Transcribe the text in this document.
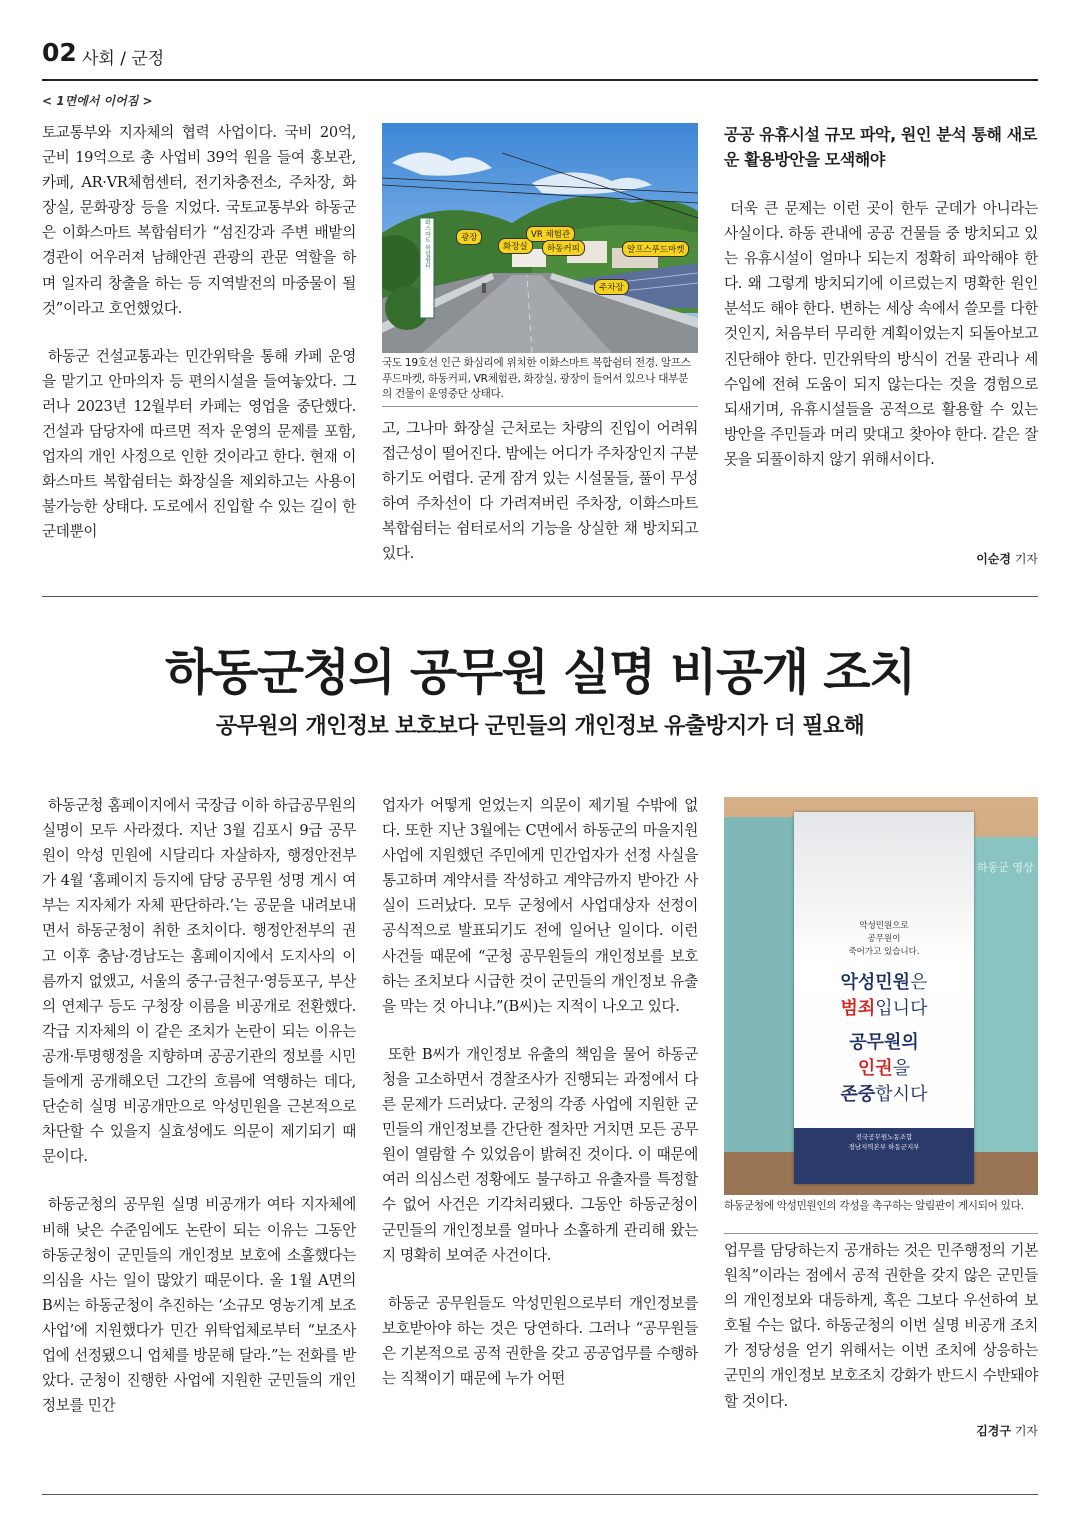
02 사회 / 군정
< 1면에서 이어짐 >

토교통부와 지자체의 협력 사업이다. 국비 20억, 군비 19억으로 총 사업비 39억 원을 들여 홍보관, 카페, AR·VR체험센터, 전기차충전소, 주차장, 화장실, 문화광장 등을 지었다. 국토교통부와 하동군은 이화스마트 복합쉼터가 “섬진강과 주변 배밭의 경관이 어우러져 남해안권 관광의 관문 역할을 하며 일자리 창출을 하는 등 지역발전의 마중물이 될 것”이라고 호언했었다.

하동군 건설교통과는 민간위탁을 통해 카페 운영을 맡기고 안마의자 등 편의시설을 들여놓았다. 그러나 2023년 12월부터 카페는 영업을 중단했다. 건설과 담당자에 따르면 적자 운영의 문제를 포함, 업자의 개인 사정으로 인한 것이라고 한다. 현재 이화스마트 복합쉼터는 화장실을 제외하고는 사용이 불가능한 상태다. 도로에서 진입할 수 있는 길이 한 군데뿐이

이화스마트 복합쉼터	광장
화장실
VR 체험관
하동커피	알프스푸드마켓
주차장
국도 19호선 인근 화심리에 위치한 이화스마트 복합쉼터 전경. 알프스 푸드마켓, 하동커피, VR체험관, 화장실, 광장이 들어서 있으나 대부분의 건물이 운영중단 상태다.

고, 그나마 화장실 근처로는 차량의 진입이 어려워 접근성이 떨어진다. 밤에는 어디가 주차장인지 구분하기도 어렵다. 굳게 잠겨 있는 시설물들, 풀이 무성하여 주차선이 다 가려져버린 주차장, 이화스마트 복합쉼터는 쉼터로서의 기능을 상실한 채 방치되고 있다.

공공 유휴시설 규모 파악, 원인 분석 통해 새로운 활용방안을 모색해야

더욱 큰 문제는 이런 곳이 한두 군데가 아니라는 사실이다. 하동 관내에 공공 건물들 중 방치되고 있는 유휴시설이 얼마나 되는지 정확히 파악해야 한다. 왜 그렇게 방치되기에 이르렀는지 명확한 원인 분석도 해야 한다. 변하는 세상 속에서 쓸모를 다한 것인지, 처음부터 무리한 계획이었는지 되돌아보고 진단해야 한다. 민간위탁의 방식이 건물 관리나 세수입에 전혀 도움이 되지 않는다는 것을 경험으로 되새기며, 유휴시설들을 공적으로 활용할 수 있는 방안을 주민들과 머리 맞대고 찾아야 한다. 같은 잘못을 되풀이하지 않기 위해서이다.

이순경 기자
하동군청의 공무원 실명 비공개 조치
공무원의 개인정보 보호보다 군민들의 개인정보 유출방지가 더 필요해

하동군청 홈페이지에서 국장급 이하 하급공무원의 실명이 모두 사라졌다. 지난 3월 김포시 9급 공무원이 악성 민원에 시달리다 자살하자, 행정안전부가 4월 ‘홈페이지 등지에 담당 공무원 성명 게시 여부는 지자체가 자체 판단하라.’는 공문을 내려보내면서 하동군청이 취한 조치이다. 행정안전부의 권고 이후 충남·경남도는 홈페이지에서 도지사의 이름까지 없앴고, 서울의 중구·금천구·영등포구, 부산의 연제구 등도 구청장 이름을 비공개로 전환했다. 각급 지자체의 이 같은 조치가 논란이 되는 이유는 공개·투명행정을 지향하며 공공기관의 정보를 시민들에게 공개해오던 그간의 흐름에 역행하는 데다, 단순히 실명 비공개만으로 악성민원을 근본적으로 차단할 수 있을지 실효성에도 의문이 제기되기 때문이다.

하동군청의 공무원 실명 비공개가 여타 지자체에 비해 낮은 수준임에도 논란이 되는 이유는 그동안 하동군청이 군민들의 개인정보 보호에 소홀했다는 의심을 사는 일이 많았기 때문이다. 올 1월 A면의 B씨는 하동군청이 추진하는 ‘소규모 영농기계 보조사업’에 지원했다가 민간 위탁업체로부터 “보조사업에 선정됐으니 업체를 방문해 달라.”는 전화를 받았다. 군청이 진행한 사업에 지원한 군민들의 개인정보를 민간

업자가 어떻게 얻었는지 의문이 제기될 수밖에 없다. 또한 지난 3월에는 C면에서 하동군의 마을지원 사업에 지원했던 주민에게 민간업자가 선정 사실을 통고하며 계약서를 작성하고 계약금까지 받아간 사실이 드러났다. 모두 군청에서 사업대상자 선정이 공식적으로 발표되기도 전에 일어난 일이다. 이런 사건들 때문에 “군청 공무원들의 개인정보를 보호하는 조치보다 시급한 것이 군민들의 개인정보 유출을 막는 것 아니냐.”(B씨)는 지적이 나오고 있다.

또한 B씨가 개인정보 유출의 책임을 물어 하동군청을 고소하면서 경찰조사가 진행되는 과정에서 다른 문제가 드러났다. 군청의 각종 사업에 지원한 군민들의 개인정보를 간단한 절차만 거치면 모든 공무원이 열람할 수 있었음이 밝혀진 것이다. 이 때문에 여러 의심스런 정황에도 불구하고 유출자를 특정할 수 없어 사건은 기각처리됐다. 그동안 하동군청이 군민들의 개인정보를 얼마나 소홀하게 관리해 왔는지 명확히 보여준 사건이다.

하동군 공무원들도 악성민원으로부터 개인정보를 보호받아야 하는 것은 당연하다. 그러나 “공무원들은 기본적으로 공적 권한을 갖고 공공업무를 수행하는 직책이기 때문에 누가 어떤

하동군 영상
악성민원으로
공무원이
죽어가고 있습니다.
악성민원은
범죄입니다
공무원의
인권을
존중합시다
전국공무원노동조합
경남지역본부 하동군지부
하동군청에 악성민원인의 각성을 촉구하는 알림판이 게시되어 있다.

업무를 담당하는지 공개하는 것은 민주행정의 기본 원칙”이라는 점에서 공적 권한을 갖지 않은 군민들의 개인정보와 대등하게, 혹은 그보다 우선하여 보호될 수는 없다. 하동군청의 이번 실명 비공개 조치가 정당성을 얻기 위해서는 이번 조치에 상응하는 군민의 개인정보 보호조치 강화가 반드시 수반돼야 할 것이다.

김경구 기자
